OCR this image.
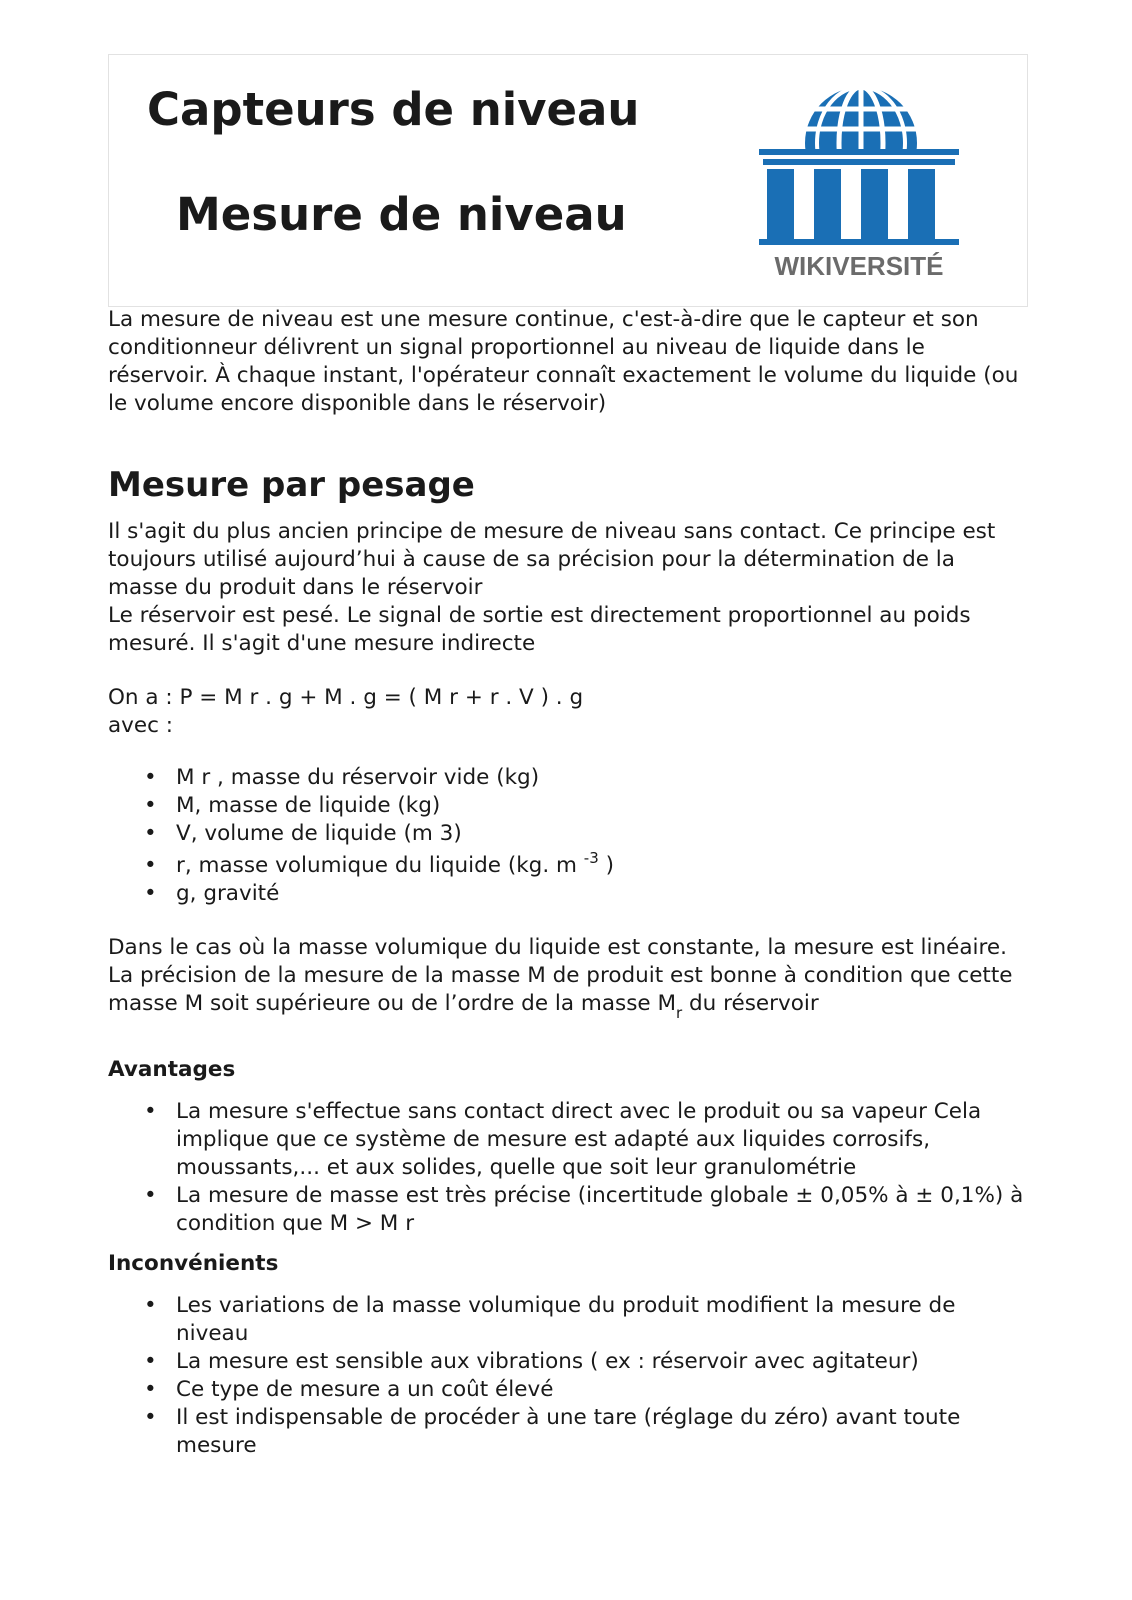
Capteurs de niveau
Mesure de niveau
WIKIVERSITÉ

La mesure de niveau est une mesure continue, c'est-à-dire que le capteur et son conditionneur délivrent un signal proportionnel au niveau de liquide dans le réservoir. À chaque instant, l'opérateur connaît exactement le volume du liquide (ou le volume encore disponible dans le réservoir)

Mesure par pesage

Il s'agit du plus ancien principe de mesure de niveau sans contact. Ce principe est toujours utilisé aujourd’hui à cause de sa précision pour la détermination de la masse du produit dans le réservoir

Le réservoir est pesé. Le signal de sortie est directement proportionnel au poids mesuré. Il s'agit d'une mesure indirecte

On a : P = M r . g + M . g = ( M r + r . V ) . g

avec :

• M r , masse du réservoir vide (kg)
• M, masse de liquide (kg)
• V, volume de liquide (m 3)
• r, masse volumique du liquide (kg. m $^{-3}$ )
• g, gravité

Dans le cas où la masse volumique du liquide est constante, la mesure est linéaire. La précision de la mesure de la masse M de produit est bonne à condition que cette masse M soit supérieure ou de l’ordre de la masse $M_r$ du réservoir

Avantages
• La mesure s'effectue sans contact direct avec le produit ou sa vapeur Cela implique que ce système de mesure est adapté aux liquides corrosifs, moussants,... et aux solides, quelle que soit leur granulométrie
• La mesure de masse est très précise (incertitude globale ± 0,05% à ± 0,1%) à condition que M > M r
Inconvénients
• Les variations de la masse volumique du produit modifient la mesure de niveau
• La mesure est sensible aux vibrations ( ex : réservoir avec agitateur)
• Ce type de mesure a un coût élevé
• Il est indispensable de procéder à une tare (réglage du zéro) avant toute mesure
